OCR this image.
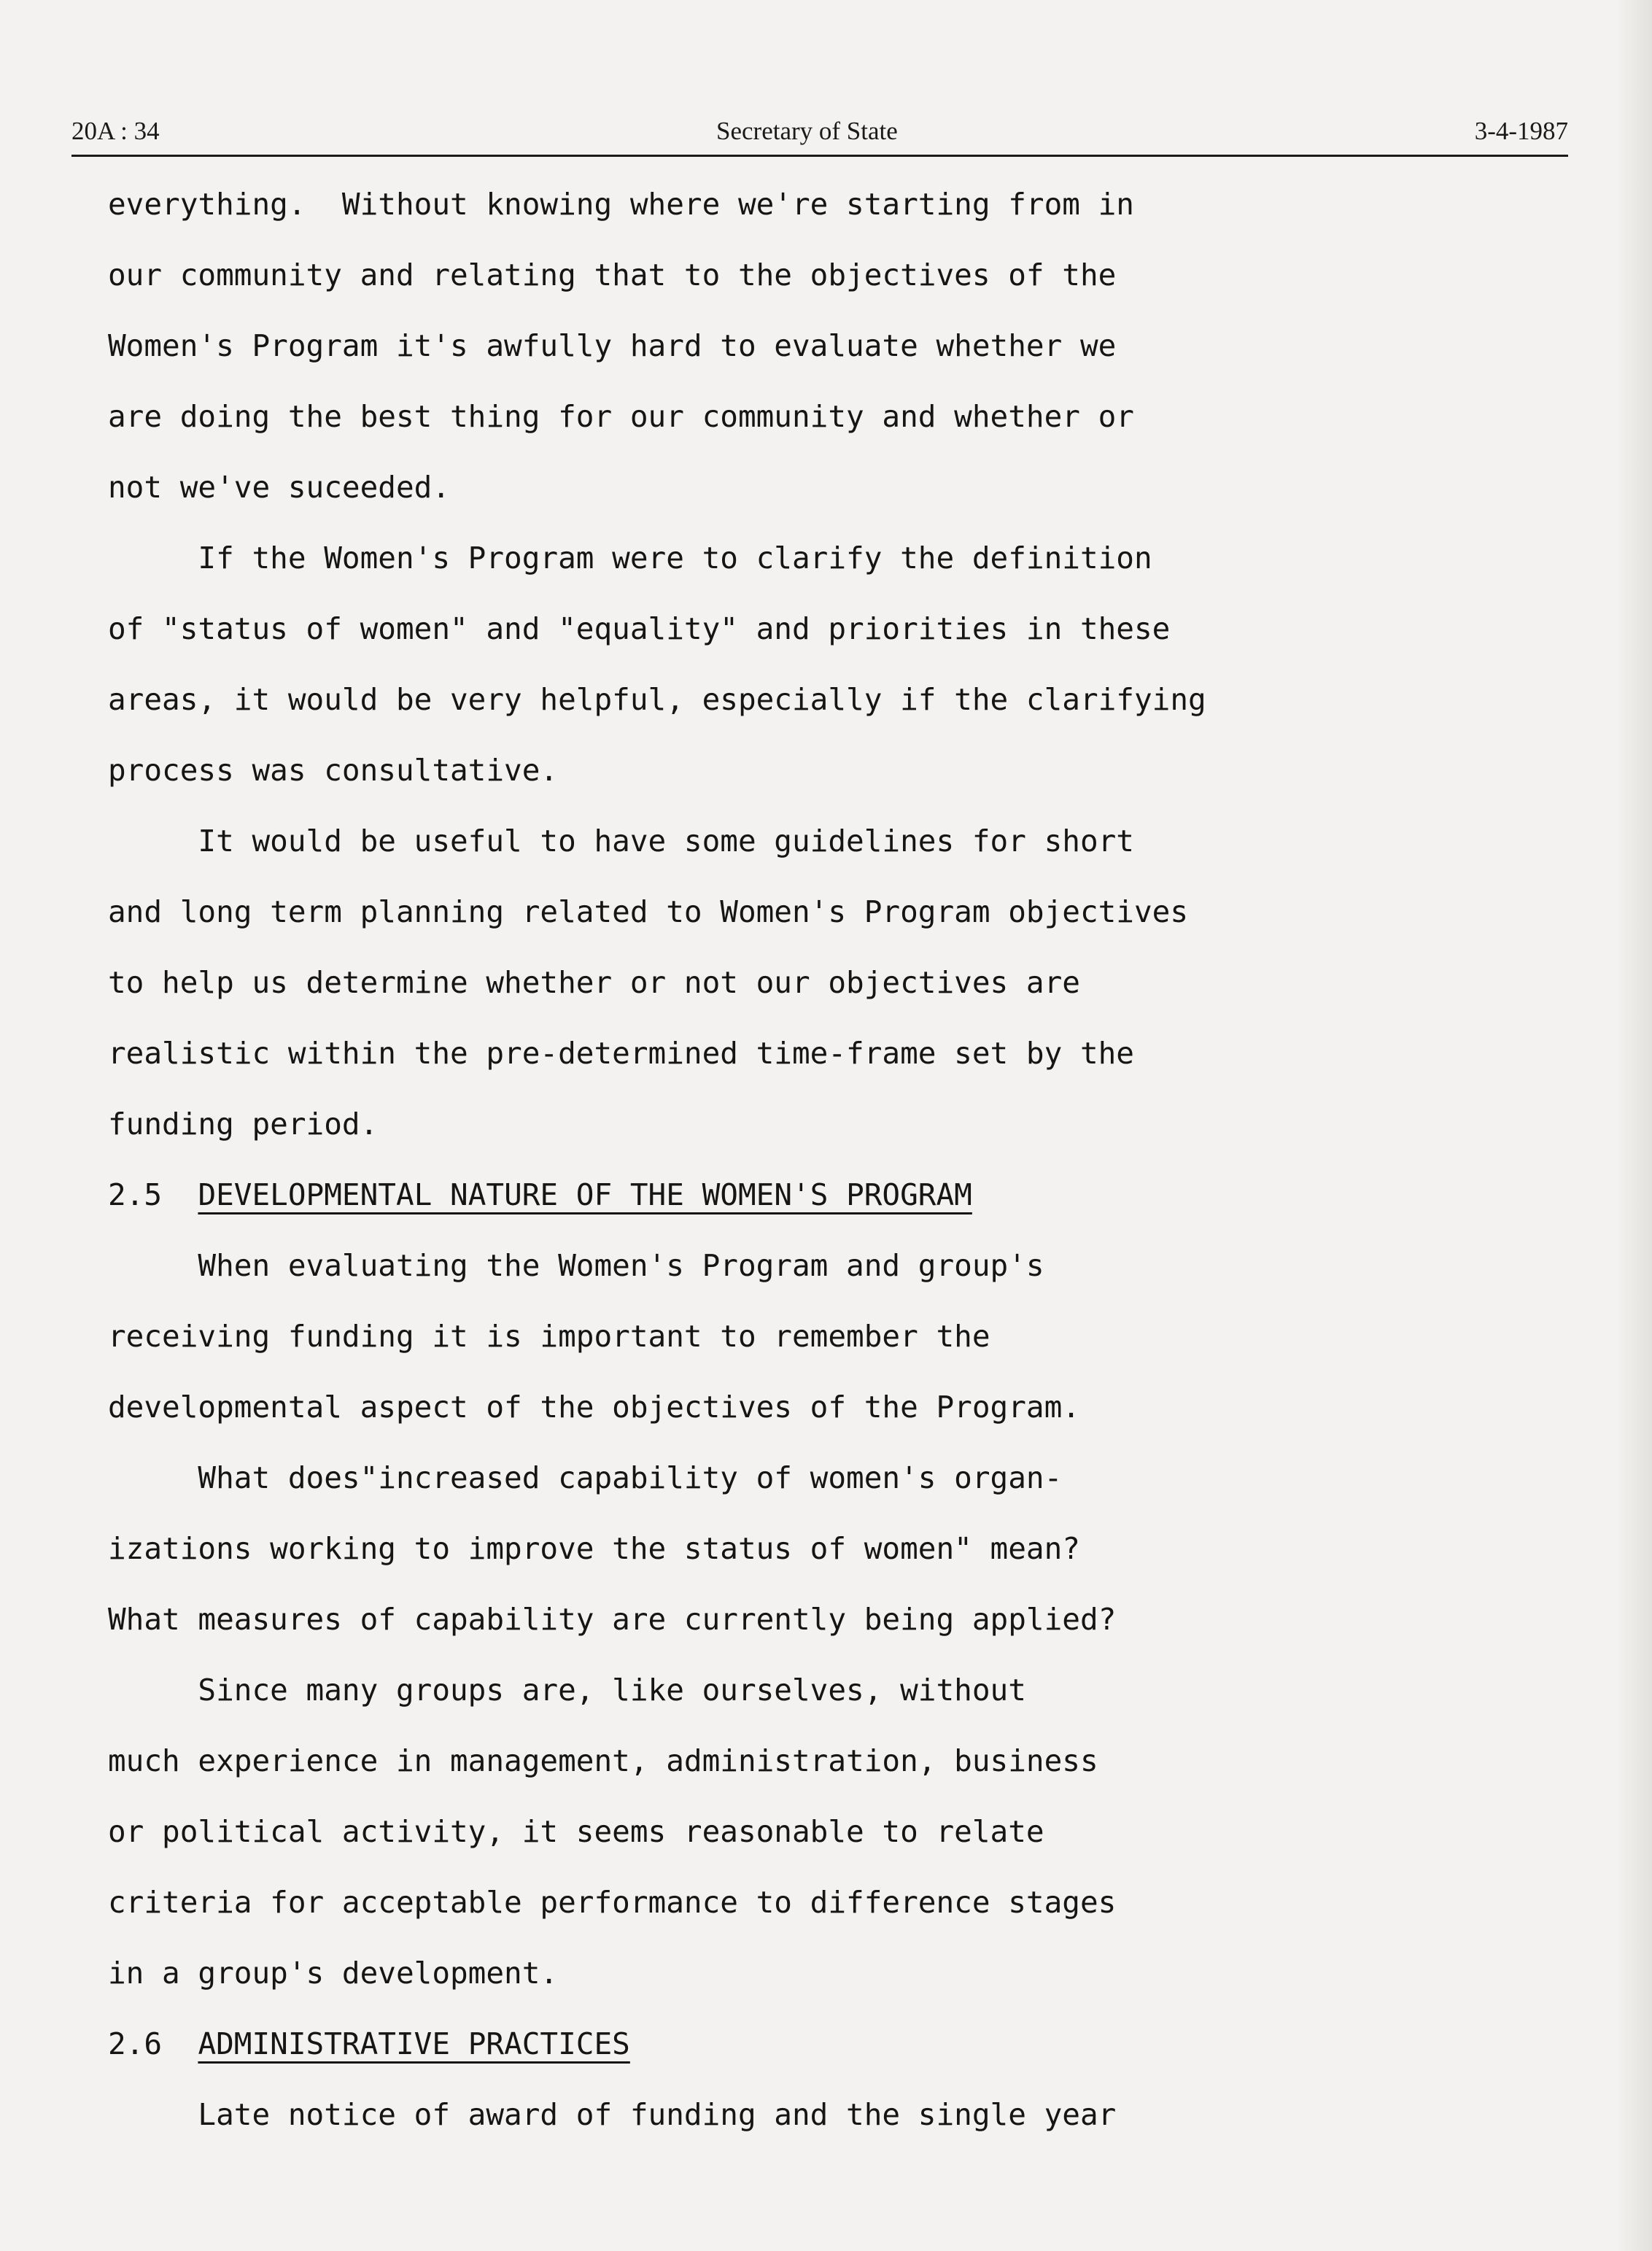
20A : 34	Secretary of State	3-4-1987
everything.  Without knowing where we're starting from in
our community and relating that to the objectives of the
Women's Program it's awfully hard to evaluate whether we
are doing the best thing for our community and whether or
not we've suceeded.
If the Women's Program were to clarify the definition
of "status of women" and "equality" and priorities in these
areas, it would be very helpful, especially if the clarifying
process was consultative.
It would be useful to have some guidelines for short
and long term planning related to Women's Program objectives
to help us determine whether or not our objectives are
realistic within the pre-determined time-frame set by the
funding period.
2.5 DEVELOPMENTAL NATURE OF THE WOMEN'S PROGRAM
When evaluating the Women's Program and group's
receiving funding it is important to remember the
developmental aspect of the objectives of the Program.
What does"increased capability of women's organ-
izations working to improve the status of women" mean?
What measures of capability are currently being applied?
Since many groups are, like ourselves, without
much experience in management, administration, business
or political activity, it seems reasonable to relate
criteria for acceptable performance to difference stages
in a group's development.
2.6 ADMINISTRATIVE PRACTICES
Late notice of award of funding and the single year
